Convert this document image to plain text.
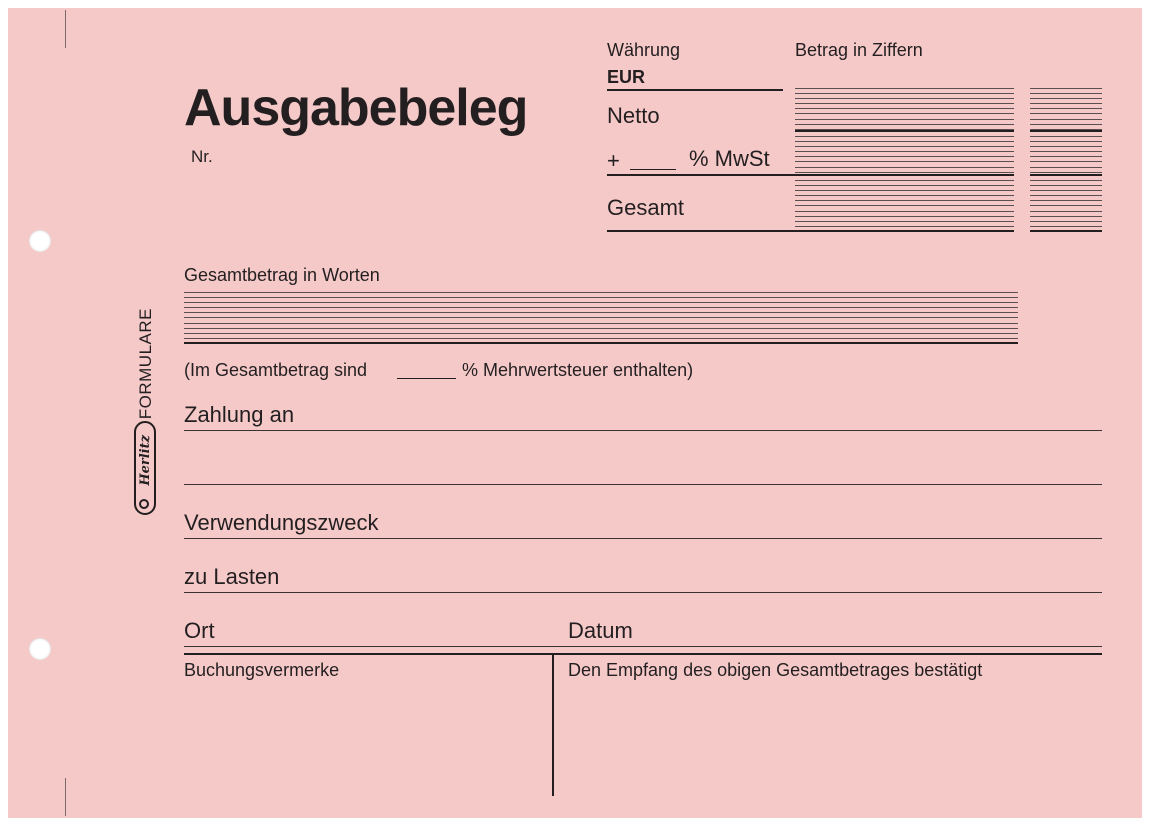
FORMULARE
Herlitz
Ausgabebeleg
Nr.
Währung	Betrag in Ziffern
EUR
Netto
+	% MwSt
Gesamt
Gesamtbetrag in Worten
(Im Gesamtbetrag sind	% Mehrwertsteuer enthalten)
Zahlung an
Verwendungszweck
zu Lasten
Ort	Datum
Buchungsvermerke	Den Empfang des obigen Gesamtbetrages bestätigt
